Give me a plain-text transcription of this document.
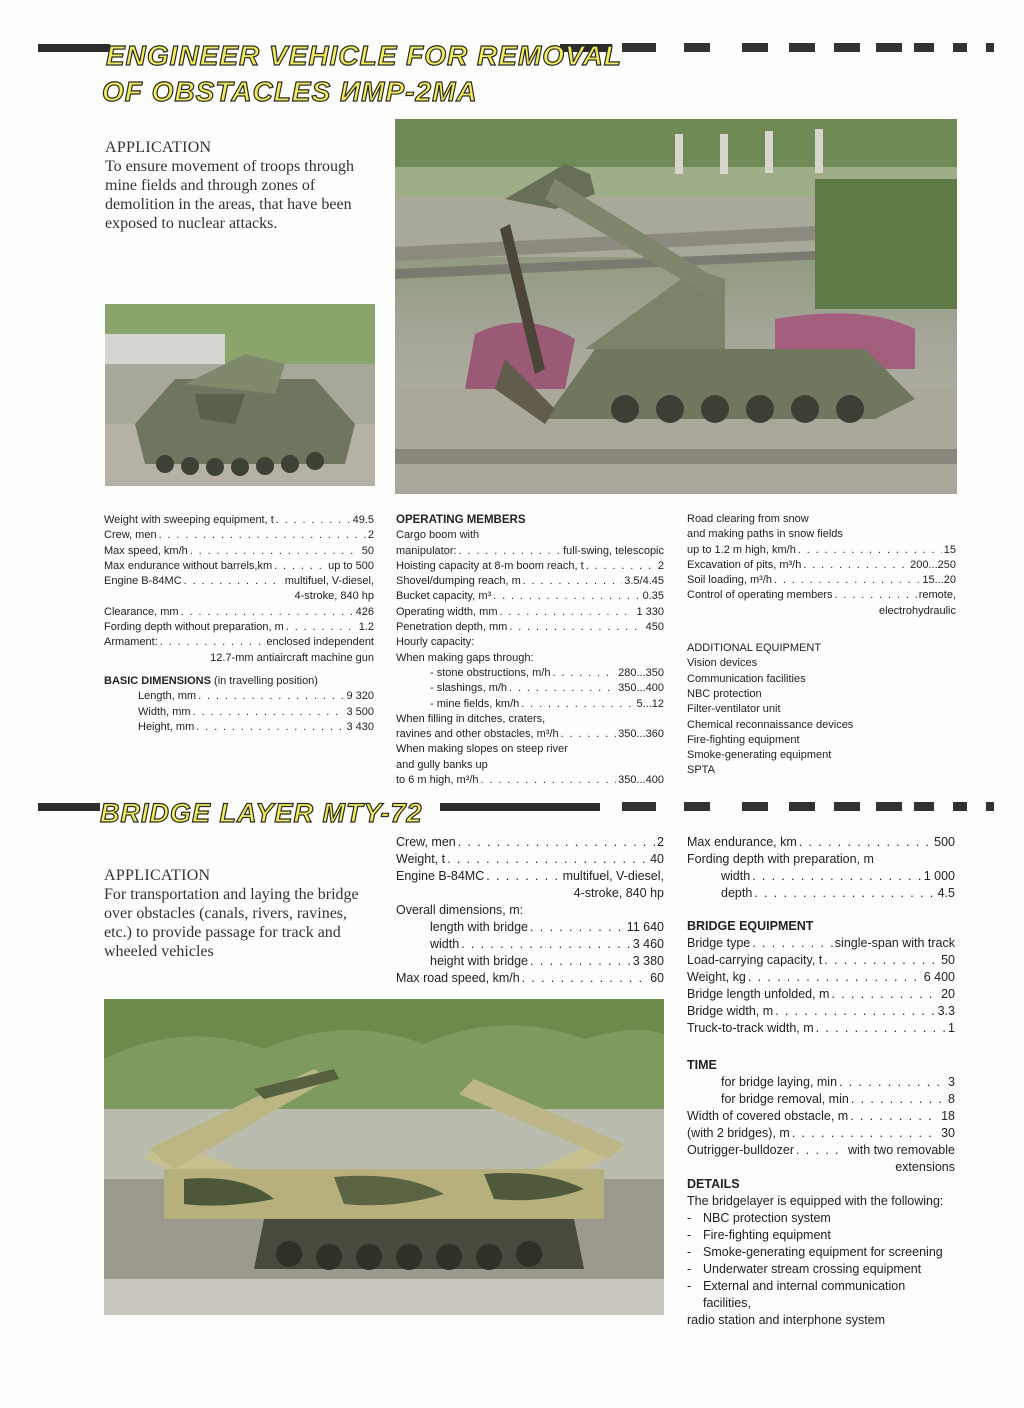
ENGINEER VEHICLE FOR REMOVAL
OF OBSTACLES ИМР-2МА
APPLICATION
To ensure movement of troops through mine fields and through zones of demolition in the areas, that have been exposed to nuclear attacks.
Weight with sweeping equipment, t . . .	49.5
Crew, men . . .	2
Max speed, km/h . . .	50
Max endurance without barrels,km . . .	up to 500
Engine B-84MC . . .	multifuel, V-diesel,
4-stroke, 840 hp
Clearance, mm . . .	426
Fording depth without preparation, m . . .	1.2
Armament: . . .	enclosed independent
12.7-mm antiaircraft machine gun
BASIC DIMENSIONS (in travelling position)
Length, mm . . .	9 320
Width, mm . . .	3 500
Height, mm . . .	3 430
OPERATING MEMBERS
Cargo boom with
manipulator: . . .	full-swing, telescopic
Hoisting capacity at 8-m boom reach, t . . .	2
Shovel/dumping reach, m . . .	3.5/4.45
Bucket capacity, m³ . . .	0.35
Operating width, mm . . .	1 330
Penetration depth, mm . . .	450
Hourly capacity:
When making gaps through:
- stone obstructions, m/h . . .	280...350
- slashings, m/h . . .	350...400
- mine fields, km/h . . .	5...12
When filling in ditches, craters,
ravines and other obstacles, m³/h . . .	350...360
When making slopes on steep river
and gully banks up
to 6 m high, m³/h . . .	350...400
Road clearing from snow
and making paths in snow fields
up to 1.2 m high, km/h . . .	15
Excavation of pits, m³/h . . .	200...250
Soil loading, m³/h . . .	15...20
Control of operating members . . .	remote,
electrohydraulic
ADDITIONAL EQUIPMENT
Vision devices
Communication facilities
NBC protection
Filter-ventilator unit
Chemical reconnaissance devices
Fire-fighting equipment
Smoke-generating equipment
SPTA
BRIDGE LAYER MTY-72
APPLICATION
For transportation and laying the bridge over obstacles (canals, rivers, ravines, etc.) to provide passage for track and wheeled vehicles
Crew, men . . .	2
Weight, t . . .	40
Engine B-84MC . . .	multifuel, V-diesel,
4-stroke, 840 hp
Overall dimensions, m:
length with bridge . . .	11 640
width . . .	3 460
height with bridge . . .	3 380
Max road speed, km/h . . .	60
Max endurance, km . . .	500
Fording depth with preparation, m
width . . .	1 000
depth . . .	4.5
BRIDGE EQUIPMENT
Bridge type . . .	single-span with track
Load-carrying capacity, t . . .	50
Weight, kg . . .	6 400
Bridge length unfolded, m . . .	20
Bridge width, m . . .	3.3
Truck-to-track width, m . . .	1
TIME
for bridge laying, min . . .	3
for bridge removal, min . . .	8
Width of covered obstacle, m . . .	18
(with 2 bridges), m . . .	30
Outrigger-bulldozer . . .	with two removable
extensions
DETAILS
The bridgelayer is equipped with the following:
- NBC protection system
- Fire-fighting equipment
- Smoke-generating equipment for screening
- Underwater stream crossing equipment
- External and internal communication facilities,
radio station and interphone system
